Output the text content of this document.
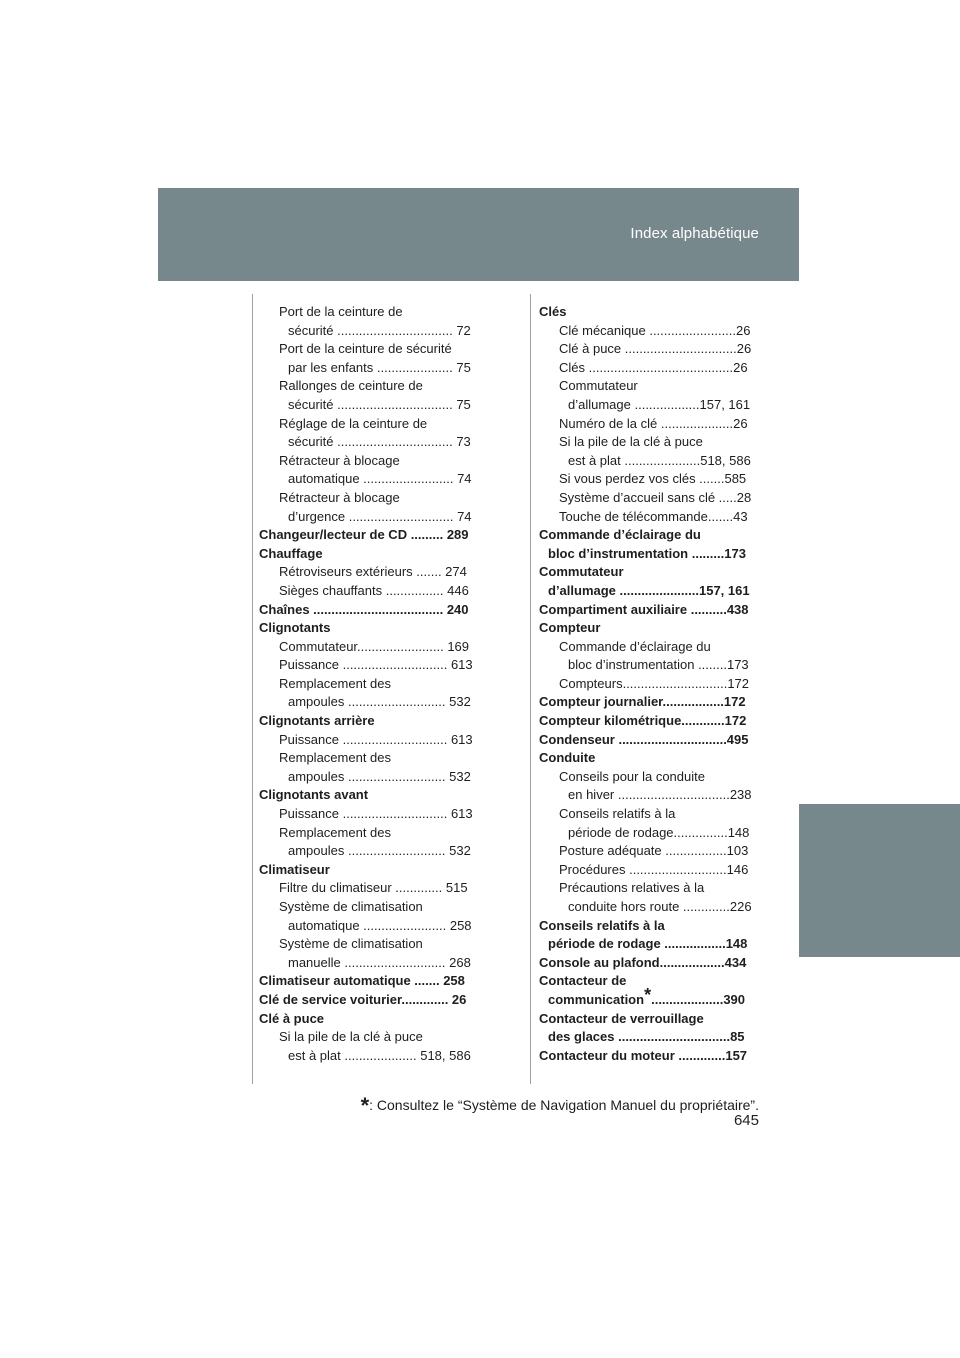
Index alphabétique
Port de la ceinture de
sécurité ................................ 72
Port de la ceinture de sécurité
par les enfants ..................... 75
Rallonges de ceinture de
sécurité ................................ 75
Réglage de la ceinture de
sécurité ................................ 73
Rétracteur à blocage
automatique ......................... 74
Rétracteur à blocage
d’urgence ............................. 74
Changeur/lecteur de CD ......... 289
Chauffage
Rétroviseurs extérieurs ....... 274
Sièges chauffants ................ 446
Chaînes .................................... 240
Clignotants
Commutateur........................ 169
Puissance ............................. 613
Remplacement des
ampoules ........................... 532
Clignotants arrière
Puissance ............................. 613
Remplacement des
ampoules ........................... 532
Clignotants avant
Puissance ............................. 613
Remplacement des
ampoules ........................... 532
Climatiseur
Filtre du climatiseur ............. 515
Système de climatisation
automatique ....................... 258
Système de climatisation
manuelle ............................ 268
Climatiseur automatique ....... 258
Clé de service voiturier............. 26
Clé à puce
Si la pile de la clé à puce
est à plat .................... 518, 586
Clés
Clé mécanique ........................26
Clé à puce ...............................26
Clés ........................................26
Commutateur
d’allumage ..................157, 161
Numéro de la clé ....................26
Si la pile de la clé à puce
est à plat .....................518, 586
Si vous perdez vos clés .......585
Système d’accueil sans clé .....28
Touche de télécommande.......43
Commande d’éclairage du
bloc d’instrumentation .........173
Commutateur
d’allumage ......................157, 161
Compartiment auxiliaire ..........438
Compteur
Commande d’éclairage du
bloc d’instrumentation ........173
Compteurs.............................172
Compteur journalier.................172
Compteur kilométrique............172
Condenseur ..............................495
Conduite
Conseils pour la conduite
en hiver ...............................238
Conseils relatifs à la
période de rodage...............148
Posture adéquate .................103
Procédures ...........................146
Précautions relatives à la
conduite hors route .............226
Conseils relatifs à la
période de rodage .................148
Console au plafond..................434
Contacteur de
communication*....................390
Contacteur de verrouillage
des glaces ...............................85
Contacteur du moteur .............157
*: Consultez le “Système de Navigation Manuel du propriétaire”.
645
